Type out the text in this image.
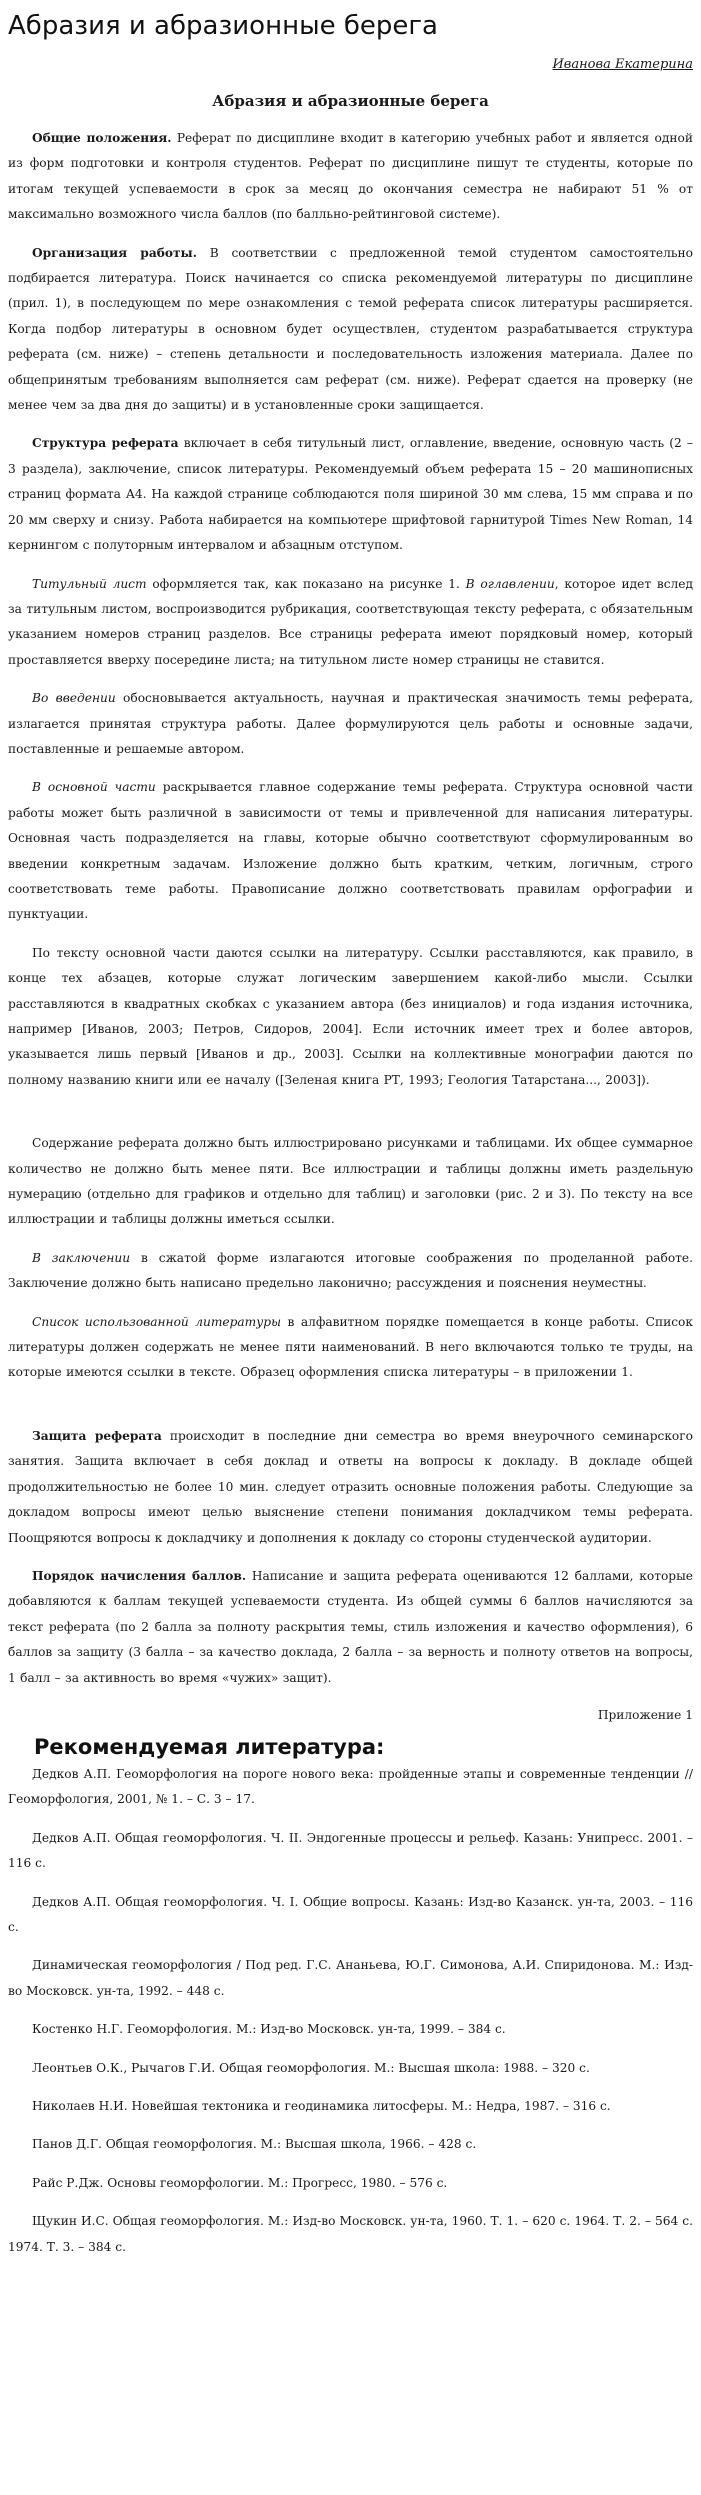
Абразия и абразионные берега
Иванова Екатерина
Абразия и абразионные берега

Общие положения. Реферат по дисциплине входит в категорию учебных работ и является одной из форм подготовки и контроля студентов. Реферат по дисциплине пишут те студенты, которые по итогам текущей успеваемости в срок за месяц до окончания семестра не набирают 51 % от максимально возможного числа баллов (по балльно-рейтинговой системе).

Организация работы. В соответствии с предложенной темой студентом самостоятельно подбирается литература. Поиск начинается со списка рекомендуемой литературы по дисциплине (прил. 1), в последующем по мере ознакомления с темой реферата список литературы расширяется. Когда подбор литературы в основном будет осуществлен, студентом разрабатывается структура реферата (см. ниже) – степень детальности и последовательность изложения материала. Далее по общепринятым требованиям выполняется сам реферат (см. ниже). Реферат сдается на проверку (не менее чем за два дня до защиты) и в установленные сроки защищается.

Структура реферата включает в себя титульный лист, оглавление, введение, основную часть (2 – 3 раздела), заключение, список литературы. Рекомендуемый объем реферата 15 – 20 машинописных страниц формата А4. На каждой странице соблюдаются поля шириной 30 мм слева, 15 мм справа и по 20 мм сверху и снизу. Работа набирается на компьютере шрифтовой гарнитурой Times New Roman, 14 кернингом с полуторным интервалом и абзацным отступом.

Титульный лист оформляется так, как показано на рисунке 1. В оглавлении, которое идет вслед за титульным листом, воспроизводится рубрикация, соответствующая тексту реферата, с обязательным указанием номеров страниц разделов. Все страницы реферата имеют порядковый номер, который проставляется вверху посередине листа; на титульном листе номер страницы не ставится.

Во введении обосновывается актуальность, научная и практическая значимость темы реферата, излагается принятая структура работы. Далее формулируются цель работы и основные задачи, поставленные и решаемые автором.

В основной части раскрывается главное содержание темы реферата. Структура основной части работы может быть различной в зависимости от темы и привлеченной для написания литературы. Основная часть подразделяется на главы, которые обычно соответствуют сформулированным во введении конкретным задачам. Изложение должно быть кратким, четким, логичным, строго соответствовать теме работы. Правописание должно соответствовать правилам орфографии и пунктуации.

По тексту основной части даются ссылки на литературу. Ссылки расставляются, как правило, в конце тех абзацев, которые служат логическим завершением какой-либо мысли. Ссылки расставляются в квадратных скобках с указанием автора (без инициалов) и года издания источника, например [Иванов, 2003; Петров, Сидоров, 2004]. Если источник имеет трех и более авторов, указывается лишь первый [Иванов и др., 2003]. Ссылки на коллективные монографии даются по полному названию книги или ее началу ([Зеленая книга РТ, 1993; Геология Татарстана..., 2003]).

Содержание реферата должно быть иллюстрировано рисунками и таблицами. Их общее суммарное количество не должно быть менее пяти. Все иллюстрации и таблицы должны иметь раздельную нумерацию (отдельно для графиков и отдельно для таблиц) и заголовки (рис. 2 и 3). По тексту на все иллюстрации и таблицы должны иметься ссылки.

В заключении в сжатой форме излагаются итоговые соображения по проделанной работе. Заключение должно быть написано предельно лаконично; рассуждения и пояснения неуместны.

Список использованной литературы в алфавитном порядке помещается в конце работы. Список литературы должен содержать не менее пяти наименований. В него включаются только те труды, на которые имеются ссылки в тексте. Образец оформления списка литературы – в приложении 1.

Защита реферата происходит в последние дни семестра во время внеурочного семинарского занятия. Защита включает в себя доклад и ответы на вопросы к докладу. В докладе общей продолжительностью не более 10 мин. следует отразить основные положения работы. Следующие за докладом вопросы имеют целью выяснение степени понимания докладчиком темы реферата. Поощряются вопросы к докладчику и дополнения к докладу со стороны студенческой аудитории.

Порядок начисления баллов. Написание и защита реферата оцениваются 12 баллами, которые добавляются к баллам текущей успеваемости студента. Из общей суммы 6 баллов начисляются за текст реферата (по 2 балла за полноту раскрытия темы, стиль изложения и качество оформления), 6 баллов за защиту (3 балла – за качество доклада, 2 балла – за верность и полноту ответов на вопросы, 1 балл – за активность во время «чужих» защит).

Приложение 1
Рекомендуемая литература:

Дедков А.П. Геоморфология на пороге нового века: пройденные этапы и современные тенденции // Геоморфология, 2001, № 1. – С. 3 – 17.

Дедков А.П. Общая геоморфология. Ч. II. Эндогенные процессы и рельеф. Казань: Унипресс. 2001. – 116 с.

Дедков А.П. Общая геоморфология. Ч. I. Общие вопросы. Казань: Изд-во Казанск. ун-та, 2003. – 116 с.

Динамическая геоморфология / Под ред. Г.С. Ананьева, Ю.Г. Симонова, А.И. Спиридонова. М.: Изд-во Московск. ун-та, 1992. – 448 с.

Костенко Н.Г. Геоморфология. М.: Изд-во Московск. ун-та, 1999. – 384 с.

Леонтьев О.К., Рычагов Г.И. Общая геоморфология. М.: Высшая школа: 1988. – 320 с.

Николаев Н.И. Новейшая тектоника и геодинамика литосферы. М.: Недра, 1987. – 316 с.

Панов Д.Г. Общая геоморфология. М.: Высшая школа, 1966. – 428 с.

Райс Р.Дж. Основы геоморфологии. М.: Прогресс, 1980. – 576 с.

Щукин И.С. Общая геоморфология. М.: Изд-во Московск. ун-та, 1960. Т. 1. – 620 с. 1964. Т. 2. – 564 с. 1974. Т. 3. – 384 с.
